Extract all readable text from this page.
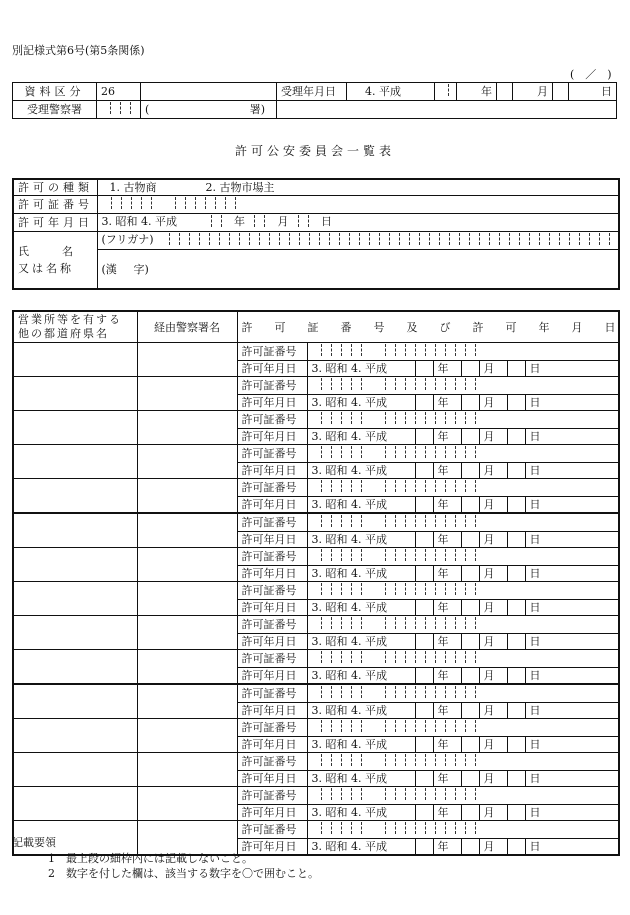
別記様式第6号(第5条関係)
(　／　)
資料区分	26		受理年月日	4. 平成		年		月		日
受理警察署		( 署)								
許可公安委員会一覧表
許可の種類	1. 古物商 2. 古物市場主
許可証番号	
許可年月日	3. 昭和 4. 平成 年 月 日

氏　　　名
又は名称	(フリガナ)
	(漢 字)
営業所等を有する
他の都道府県名	経由警察署名	許　　可　　証　　番　　号　　及　　び　　許　　可　　年　　月　　日							
		許可証番号							
		許可年月日	3. 昭和 4. 平成		年		月		日
		許可証番号							
		許可年月日	3. 昭和 4. 平成		年		月		日
		許可証番号							
		許可年月日	3. 昭和 4. 平成		年		月		日
		許可証番号							
		許可年月日	3. 昭和 4. 平成		年		月		日
		許可証番号							
		許可年月日	3. 昭和 4. 平成		年		月		日
		許可証番号							
		許可年月日	3. 昭和 4. 平成		年		月		日
		許可証番号							
		許可年月日	3. 昭和 4. 平成		年		月		日
		許可証番号							
		許可年月日	3. 昭和 4. 平成		年		月		日
		許可証番号							
		許可年月日	3. 昭和 4. 平成		年		月		日
		許可証番号							
		許可年月日	3. 昭和 4. 平成		年		月		日
		許可証番号							
		許可年月日	3. 昭和 4. 平成		年		月		日
		許可証番号							
		許可年月日	3. 昭和 4. 平成		年		月		日
		許可証番号							
		許可年月日	3. 昭和 4. 平成		年		月		日
		許可証番号							
		許可年月日	3. 昭和 4. 平成		年		月		日
		許可証番号							
		許可年月日	3. 昭和 4. 平成		年		月		日
記載要領
1　最上段の細枠内には記載しないこと。
2　数字を付した欄は、該当する数字を〇で囲むこと。
